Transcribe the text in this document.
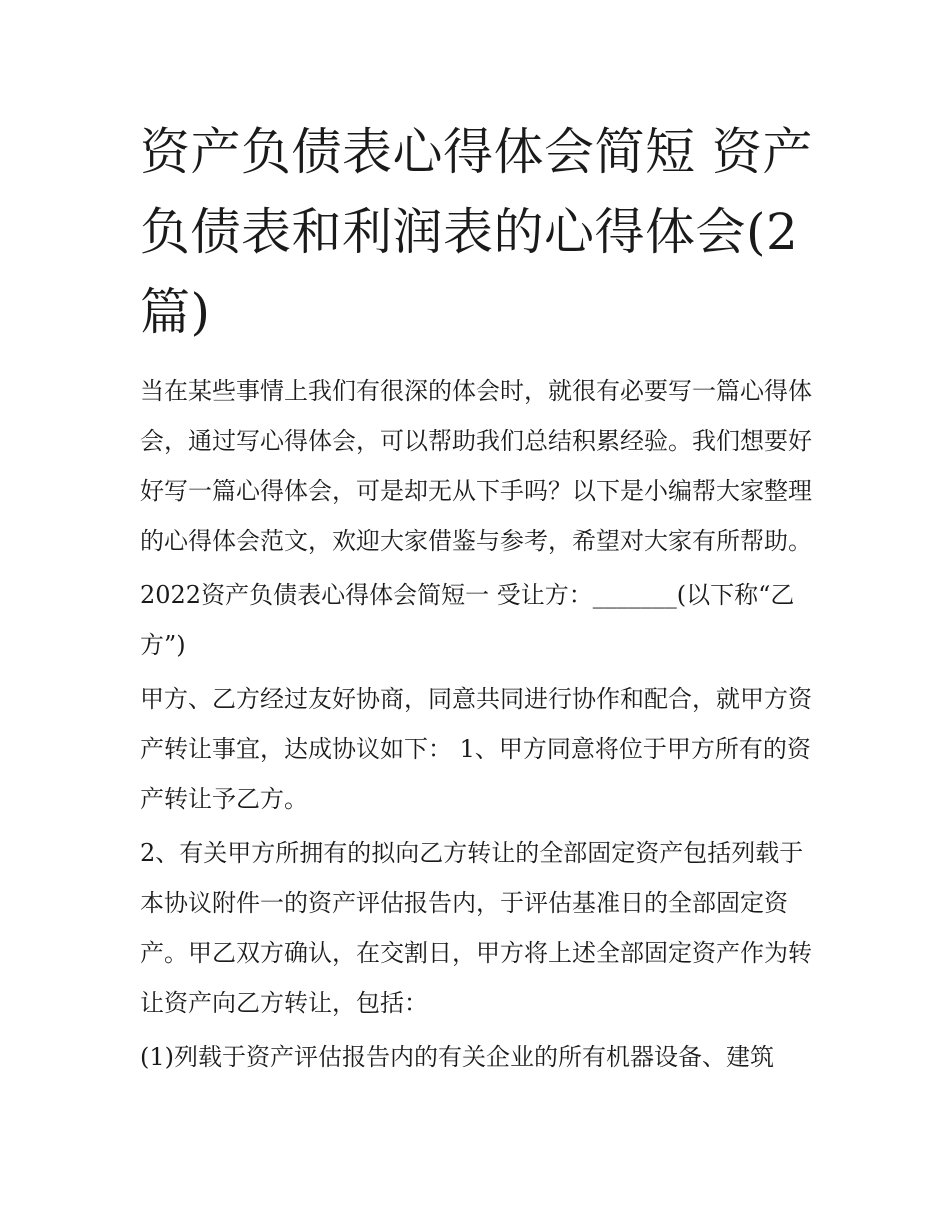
资产负债表心得体会简短 资产负债表和利润表的心得体会(2篇)

当在某些事情上我们有很深的体会时，就很有必要写一篇心得体会，通过写心得体会，可以帮助我们总结积累经验。我们想要好好写一篇心得体会，可是却无从下手吗？以下是小编帮大家整理的心得体会范文，欢迎大家借鉴与参考，希望对大家有所帮助。

2022资产负债表心得体会简短一 受让方：_______(以下称“乙方”)

甲方、乙方经过友好协商，同意共同进行协作和配合，就甲方资产转让事宜，达成协议如下： 1、甲方同意将位于甲方所有的资产转让予乙方。

2、有关甲方所拥有的拟向乙方转让的全部固定资产包括列载于本协议附件一的资产评估报告内，于评估基准日的全部固定资产。甲乙双方确认，在交割日，甲方将上述全部固定资产作为转让资产向乙方转让，包括：

(1)列载于资产评估报告内的有关企业的所有机器设备、建筑
